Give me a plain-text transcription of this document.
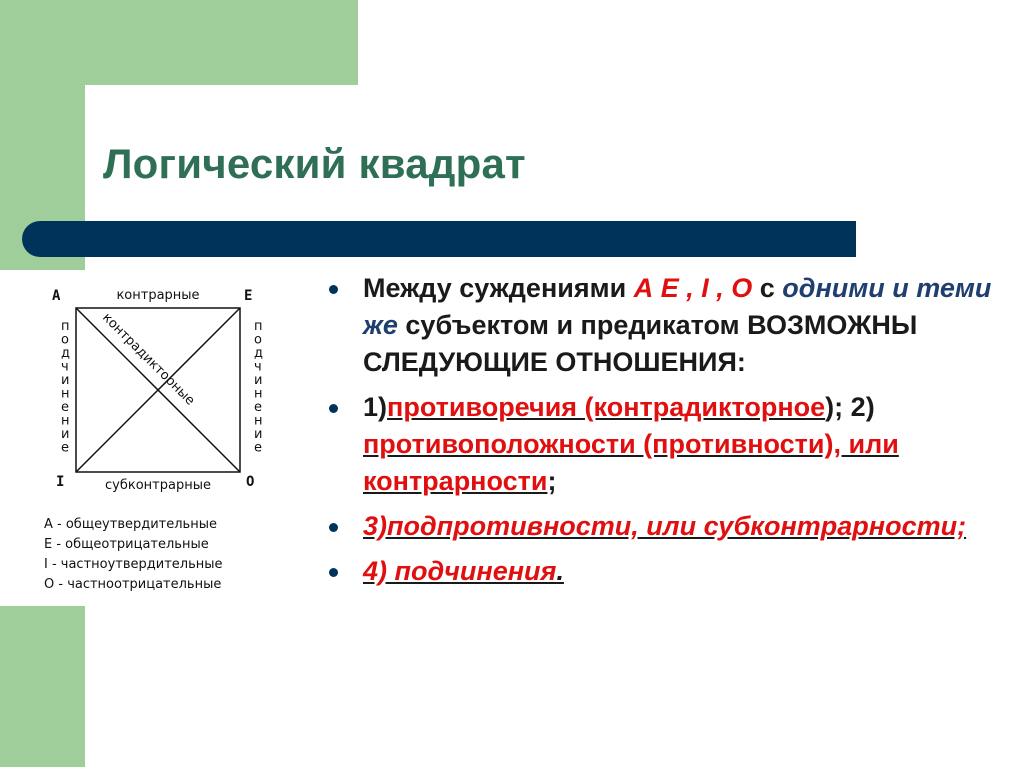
Логический квадрат
A	E
I	O
контрарные
субконтрарные
п о д ч и н е н и е
п о д ч и н е н и е
контрадикторные
A - общеутвердительные
E - общеотрицательные
I - частноутвердительные
O - частноотрицательные
Между суждениями А Е , I , О с одними и теми же субъектом и предикатом ВОЗМОЖНЫ СЛЕДУЮЩИЕ ОТНОШЕНИЯ:
1)противоречия (контрадикторное); 2) противоположности (противности), или контрарности;
3)подпротивности, или субконтрарности;
4) подчинения.
